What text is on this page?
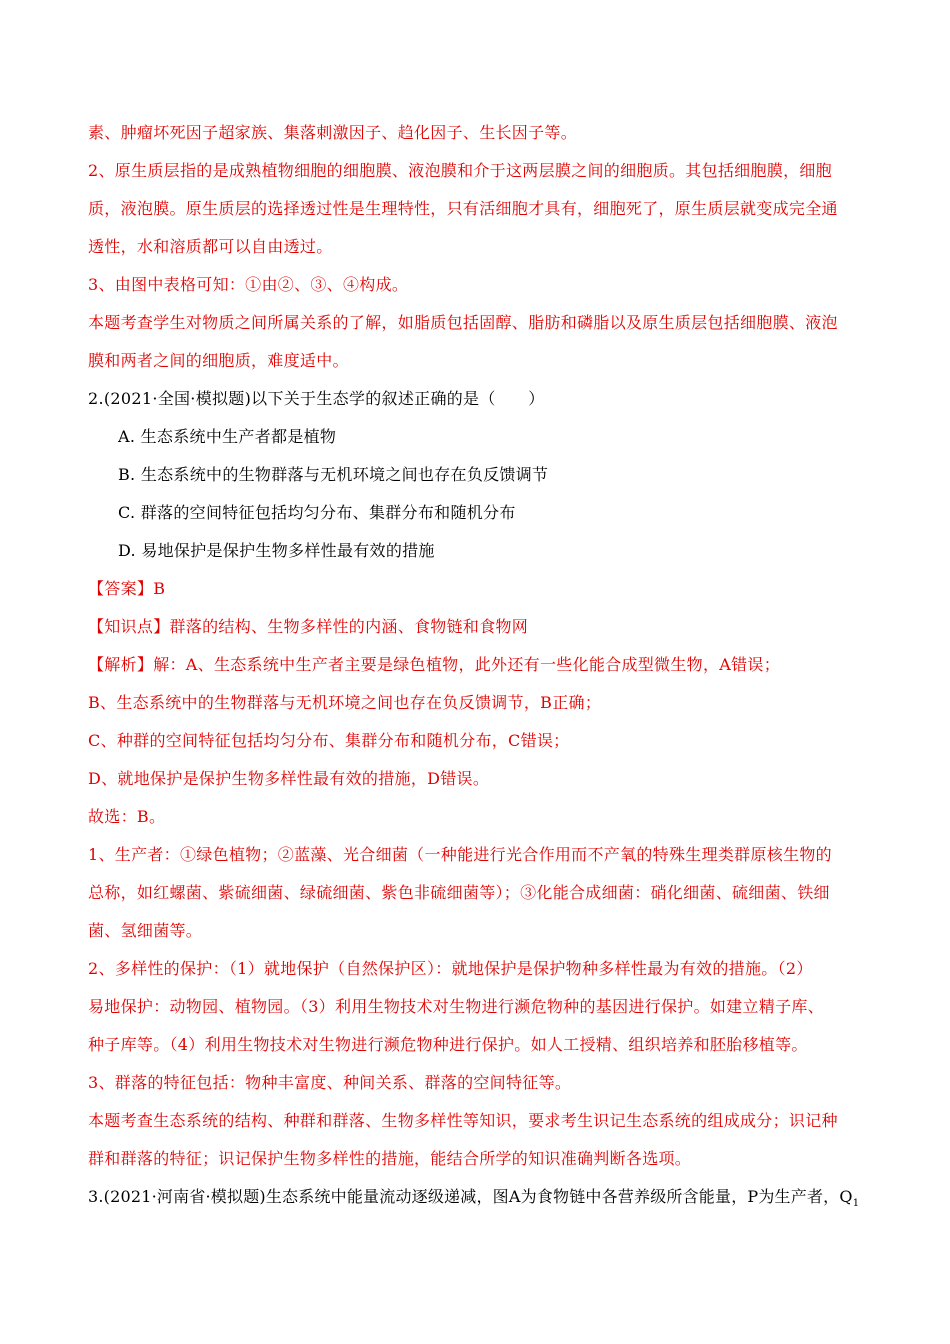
素、肿瘤坏死因子超家族、集落刺激因子、趋化因子、生长因子等。
2、原生质层指的是成熟植物细胞的细胞膜、液泡膜和介于这两层膜之间的细胞质。其包括细胞膜，细胞
质，液泡膜。原生质层的选择透过性是生理特性，只有活细胞才具有，细胞死了，原生质层就变成完全通
透性，水和溶质都可以自由透过。
3、由图中表格可知：①由②、③、④构成。
本题考查学生对物质之间所属关系的了解，如脂质包括固醇、脂肪和磷脂以及原生质层包括细胞膜、液泡
膜和两者之间的细胞质，难度适中。
2.(2021·全国·模拟题)以下关于生态学的叙述正确的是（　　）
A. 生态系统中生产者都是植物
B. 生态系统中的生物群落与无机环境之间也存在负反馈调节
C. 群落的空间特征包括均匀分布、集群分布和随机分布
D. 易地保护是保护生物多样性最有效的措施
【答案】B
【知识点】群落的结构、生物多样性的内涵、食物链和食物网
【解析】解：A、生态系统中生产者主要是绿色植物，此外还有一些化能合成型微生物，A错误；
B、生态系统中的生物群落与无机环境之间也存在负反馈调节，B正确；
C、种群的空间特征包括均匀分布、集群分布和随机分布，C错误；
D、就地保护是保护生物多样性最有效的措施，D错误。
故选：B。
1、生产者：①绿色植物；②蓝藻、光合细菌（一种能进行光合作用而不产氧的特殊生理类群原核生物的
总称，如红螺菌、紫硫细菌、绿硫细菌、紫色非硫细菌等）；③化能合成细菌：硝化细菌、硫细菌、铁细
菌、氢细菌等。
2、多样性的保护：（1）就地保护（自然保护区）：就地保护是保护物种多样性最为有效的措施。（2）
易地保护：动物园、植物园。（3）利用生物技术对生物进行濒危物种的基因进行保护。如建立精子库、
种子库等。（4）利用生物技术对生物进行濒危物种进行保护。如人工授精、组织培养和胚胎移植等。
3、群落的特征包括：物种丰富度、种间关系、群落的空间特征等。
本题考查生态系统的结构、种群和群落、生物多样性等知识，要求考生识记生态系统的组成成分；识记种
群和群落的特征；识记保护生物多样性的措施，能结合所学的知识准确判断各选项。
3.(2021·河南省·模拟题)生态系统中能量流动逐级递减，图A为食物链中各营养级所含能量，P为生产者，$Q_1$
